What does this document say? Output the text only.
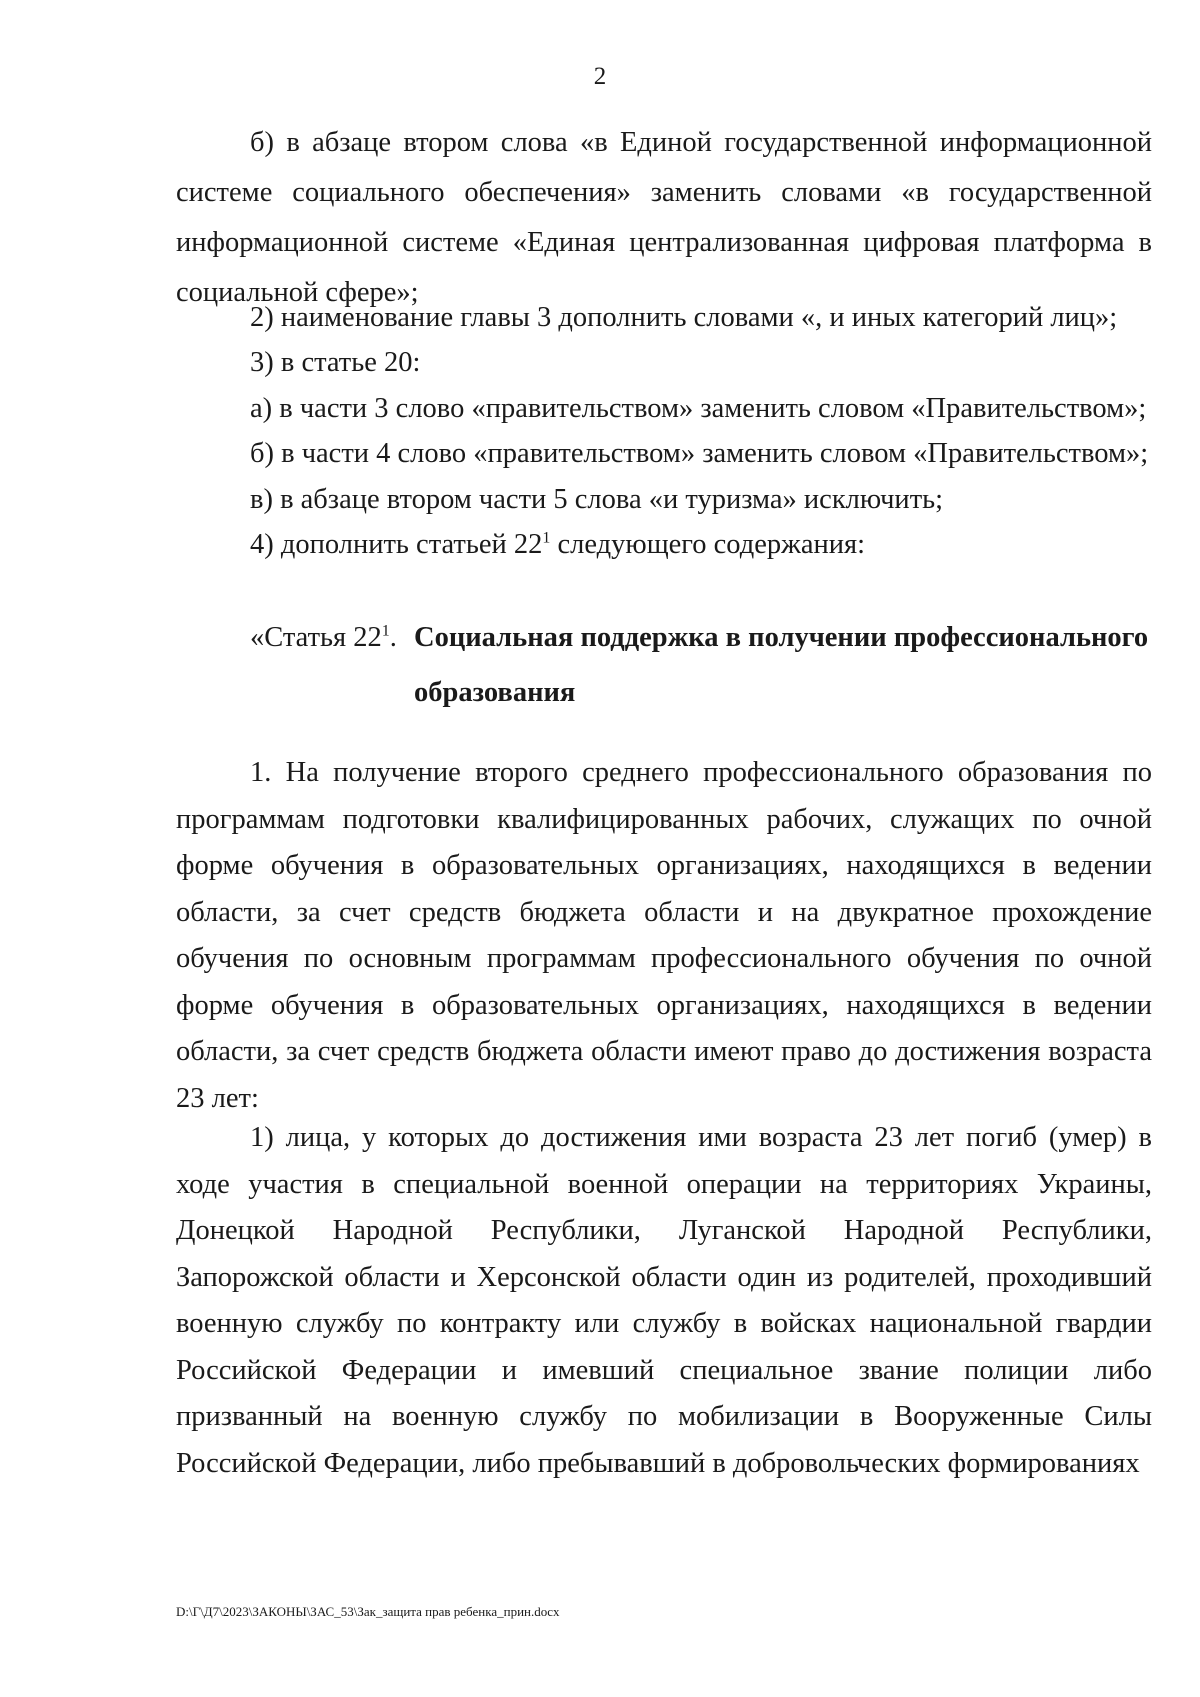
2

б) в абзаце втором слова «в Единой государственной информационной системе социального обеспечения» заменить словами «в государственной информационной системе «Единая централизованная цифровая платформа в социальной сфере»;

2) наименование главы 3 дополнить словами «, и иных категорий лиц»;

3) в статье 20:

а) в части 3 слово «правительством» заменить словом «Правительством»;

б) в части 4 слово «правительством» заменить словом «Правительством»;

в) в абзаце втором части 5 слова «и туризма» исключить;

4) дополнить статьей $22^1$ следующего содержания:

«Статья $22^1$. Социальная поддержка в получении профессионального образования

1. На получение второго среднего профессионального образования по программам подготовки квалифицированных рабочих, служащих по очной форме обучения в образовательных организациях, находящихся в ведении области, за счет средств бюджета области и на двукратное прохождение обучения по основным программам профессионального обучения по очной форме обучения в образовательных организациях, находящихся в ведении области, за счет средств бюджета области имеют право до достижения возраста 23 лет:

1) лица, у которых до достижения ими возраста 23 лет погиб (умер) в ходе участия в специальной военной операции на территориях Украины, Донецкой Народной Республики, Луганской Народной Республики, Запорожской области и Херсонской области один из родителей, проходивший военную службу по контракту или службу в войсках национальной гвардии Российской Федерации и имевший специальное звание полиции либо призванный на военную службу по мобилизации в Вооруженные Силы Российской Федерации, либо пребывавший в добровольческих формированиях

D:\Г\Д7\2023\ЗАКОНЫ\ЗАС_53\Зак_защита прав ребенка_прин.docx
